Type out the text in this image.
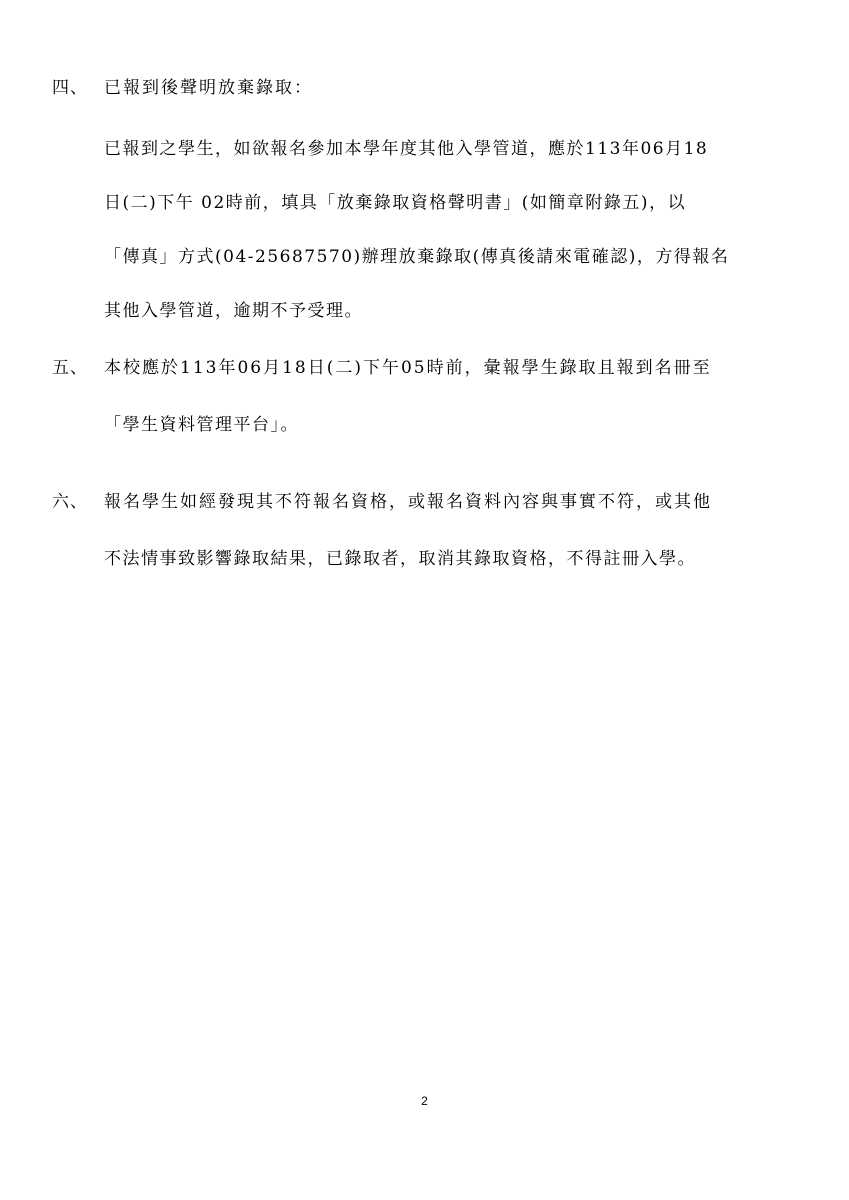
四、 已報到後聲明放棄錄取：
已報到之學生，如欲報名參加本學年度其他入學管道，應於113年06月18
日(二)下午 02時前，填具「放棄錄取資格聲明書」(如簡章附錄五)，以
「傳真」方式(04-25687570)辦理放棄錄取(傳真後請來電確認)，方得報名
其他入學管道，逾期不予受理。
五、 本校應於113年06月18日(二)下午05時前，彙報學生錄取且報到名冊至
「學生資料管理平台」。
六、 報名學生如經發現其不符報名資格，或報名資料內容與事實不符，或其他
不法情事致影響錄取結果，已錄取者，取消其錄取資格，不得註冊入學。
2
